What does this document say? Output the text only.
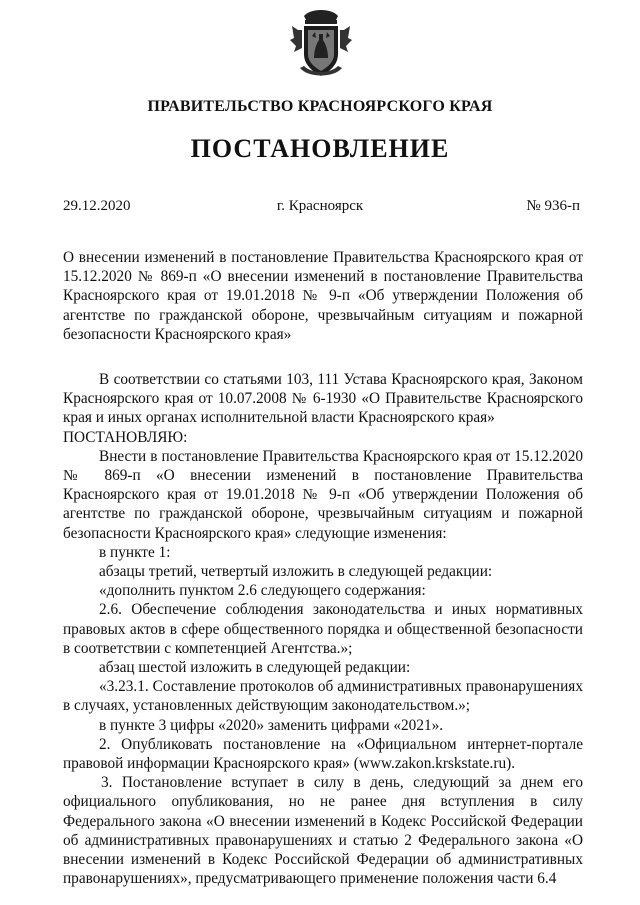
ПРАВИТЕЛЬСТВО КРАСНОЯРСКОГО КРАЯ
ПОСТАНОВЛЕНИЕ
29.12.2020	г. Красноярск	№ 936-п
О внесении изменений в постановление Правительства Красноярского края от 15.12.2020 № 869-п «О внесении изменений в постановление Правительства Красноярского края от 19.01.2018 № 9-п «Об утверждении Положения об агентстве по гражданской обороне, чрезвычайным ситуациям и пожарной безопасности Красноярского края»

В соответствии со статьями 103, 111 Устава Красноярского края, Законом Красноярского края от 10.07.2008 № 6-1930 «О Правительстве Красноярского края и иных органах исполнительной власти Красноярского края»

ПОСТАНОВЛЯЮ:

Внести в постановление Правительства Красноярского края от 15.12.2020 № 869-п «О внесении изменений в постановление Правительства Красноярского края от 19.01.2018 № 9-п «Об утверждении Положения об агентстве по гражданской обороне, чрезвычайным ситуациям и пожарной безопасности Красноярского края» следующие изменения:

в пункте 1:

абзацы третий, четвертый изложить в следующей редакции:

«дополнить пунктом 2.6 следующего содержания:

2.6. Обеспечение соблюдения законодательства и иных нормативных правовых актов в сфере общественного порядка и общественной безопасности в соответствии с компетенцией Агентства.»;

абзац шестой изложить в следующей редакции:

«3.23.1. Составление протоколов об административных правонарушениях в случаях, установленных действующим законодательством.»;

в пункте 3 цифры «2020» заменить цифрами «2021».

2. Опубликовать постановление на «Официальном интернет-портале правовой информации Красноярского края» (www.zakon.krskstate.ru).

3. Постановление вступает в силу в день, следующий за днем его официального опубликования, но не ранее дня вступления в силу Федерального закона «О внесении изменений в Кодекс Российской Федерации об административных правонарушениях и статью 2 Федерального закона «О внесении изменений в Кодекс Российской Федерации об административных правонарушениях», предусматривающего применение положения части 6.4
